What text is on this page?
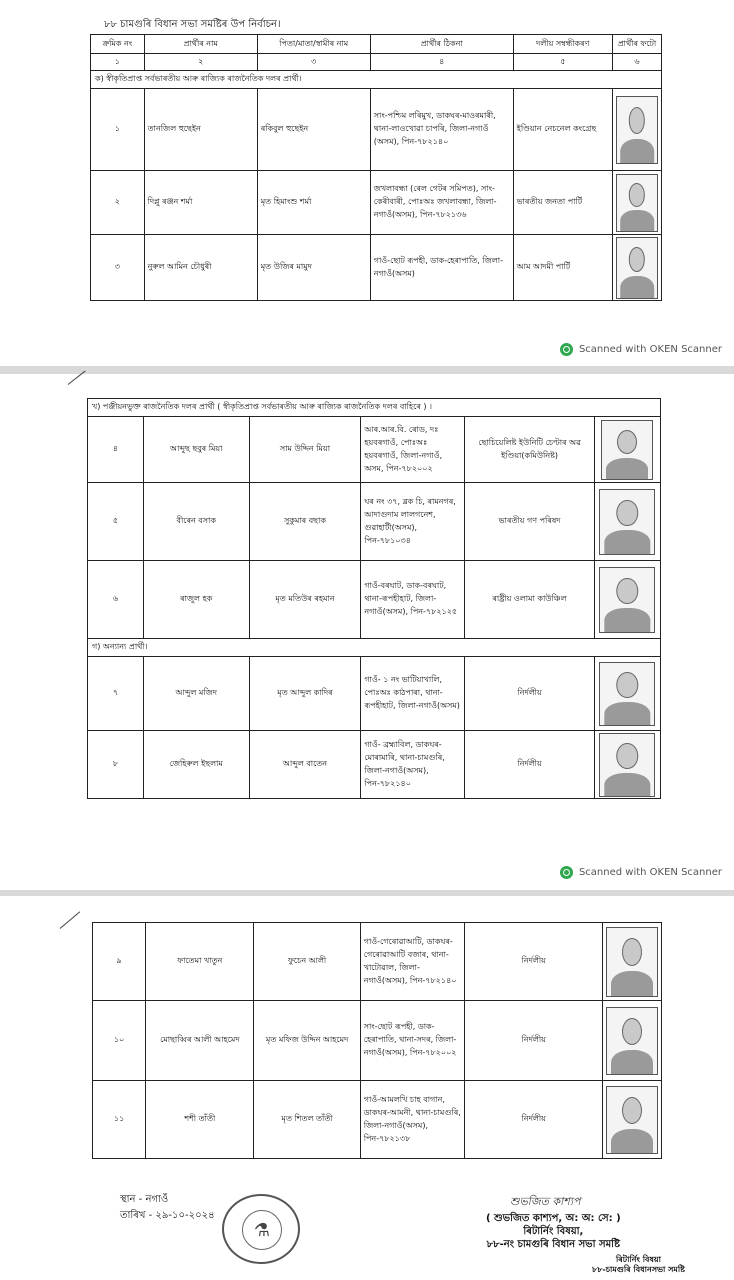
৮৮ চামগুৰি বিধান সভা সমষ্টিৰ উপ নিৰ্বাচন।
ক্ৰমিক নং	প্ৰাৰ্থীৰ নাম	পিতা/মাতা/স্বামীৰ নাম	প্ৰাৰ্থীৰ ঠিকনা	দলীয় সম্বন্ধীকৰণ	প্ৰাৰ্থীৰ ফটো
১	২	৩	৪	৫	৬
ক) স্বীকৃতিপ্ৰাপ্ত সৰ্বভাৰতীয় আৰু ৰাজ্যিক ৰাজনৈতিক দলৰ প্ৰাৰ্থী।					
১	তানজিল হুছেইন	ৰকিবুল হুছেইন	সাং-পশ্চিম লৰিমুখ, ডাকঘৰ-মাওৰমাৰী, থানা-লাওখোৱা চাপৰি, জিলা-নগাওঁ (অসম), পিন-৭৮২১৪০	ইণ্ডিয়ান নেচনেল কংগ্ৰেছ	

২	দিপ্লু ৰঞ্জন শৰ্মা	মৃত হিমাংশু শৰ্মা	জখলাবন্ধা (ৰেল গেটৰ সমিপত), সাং-কেৰীবাৰী, পোঃঅঃ জখলাবন্ধা, জিলা-নগাওঁ(অসম), পিন-৭৮২১৩৬	ভাৰতীয় জনতা পাৰ্টি	

৩	নুৰুল আমিন চৌধুৰী	মৃত উজিৰ মামুদ	গাওঁ-ছোট ৰূপহী, ডাক-হেৰাপাতি, জিলা-নগাওঁ(অসম)	আম আদমী পাৰ্টি	
Scanned with OKEN Scanner
খ) পঞ্জীয়নভুক্ত ৰাজনৈতিক দলৰ প্ৰাৰ্থী ( স্বীকৃতিপ্ৰাপ্ত সৰ্বভাৰতীয় আৰু ৰাজ্যিক ৰাজনৈতিক দলৰ বাহিৰে ) ।					
৪	আব্দুছ ছবুৰ মিয়া	সাম উদ্দিন মিয়া	আৰ.আৰ.বি. ৰোড, দঃ হয়বৰগাওঁ, পোঃঅঃ হয়বৰগাওঁ, জিলা-নগাওঁ, অসম, পিন-৭৮২০০২	ছোচিয়েলিষ্ট ইউনিটি চেণ্টাৰ অৱ ইণ্ডিয়া(কমিউনিষ্ট)	

৫	বীৰেন বসাক	সুকুমাৰ বছাক	ঘৰ নং ৩৭, ব্লক চি, ৰামনগৰ, আদাগুদাম লালগনেশ, গুৱাহাটী(অসম), পিন-৭৮১০৩৪	ভাৰতীয় গণ পৰিষদ	

৬	ৰাজুল হক	মৃত মতিউৰ ৰহমান	গাওঁ-বৰঘাট, ডাক-বৰঘাট, থানা-ৰূপহীহাট, জিলা-নগাওঁ(অসম), পিন-৭৮২১২৫	ৰাষ্ট্ৰীয় ওলামা কাউঞ্চিল	

গ) অন্যান্য প্ৰাৰ্থী।					
৭	আব্দুল মজিদ	মৃত আব্দুল কাদিৰ	গাওঁ- ১ নং ভাটিয়াখালি, পোঃঅঃ কাঠপাৰা, থানা-ৰূপহীহাট, জিলা-নগাওঁ(অসম)	নিৰ্দলীয়	

৮	জেহিৰুল ইছলাম	আব্দুল বাতেন	গাওঁ- ব্ৰহ্মাবিল, ডাকঘৰ-মোৰামাৰি, থানা-চামগুৰি, জিলা-নগাওঁ(অসম), পিন-৭৮২১৪০	নিৰ্দলীয়	
Scanned with OKEN Scanner
৯	ফাতেমা খাতুন	ফুচেন আলী	গাওঁ-গেৰোৱাআটি, ডাকঘৰ-গেৰোৱাআটি বজাৰ, থানা-খাটোৱাল, জিলা-নগাওঁ(অসম), পিন-৭৮২১৪০	নিৰ্দলীয়	

১০	মোছাব্বিৰ আলী আহমেদ	মৃত মফিজ উদ্দিন আহমেদ	সাং-ছোট ৰূপহী, ডাক-হেৰাপাতি, থানা-সদৰ, জিলা-নগাওঁ(অসম), পিন-৭৮২০০২	নিৰ্দলীয়	

১১	শশী তাঁতী	মৃত শিতল তাঁতী	গাওঁ-আমলখি চাহ বাগান, ডাকঘৰ-আমনী, থানা-চামগুৰি, জিলা-নগাওঁ(অসম), পিন-৭৮২১৩৮	নিৰ্দলীয়	
স্থান - নগাওঁ
তাৰিখ - ২৯-১০-২০২৪
⚗
শুভজিত কাশ্যপ
( শুভজিত কাশ্যপ, অ: অ: সে: )
ৰিটাৰ্নিং বিষয়া,
৮৮-নং চামগুৰি বিধান সভা সমষ্টি
ৰিটাৰ্নিং বিষয়া
৮৮-চামগুৰি বিধানসভা সমষ্টি
